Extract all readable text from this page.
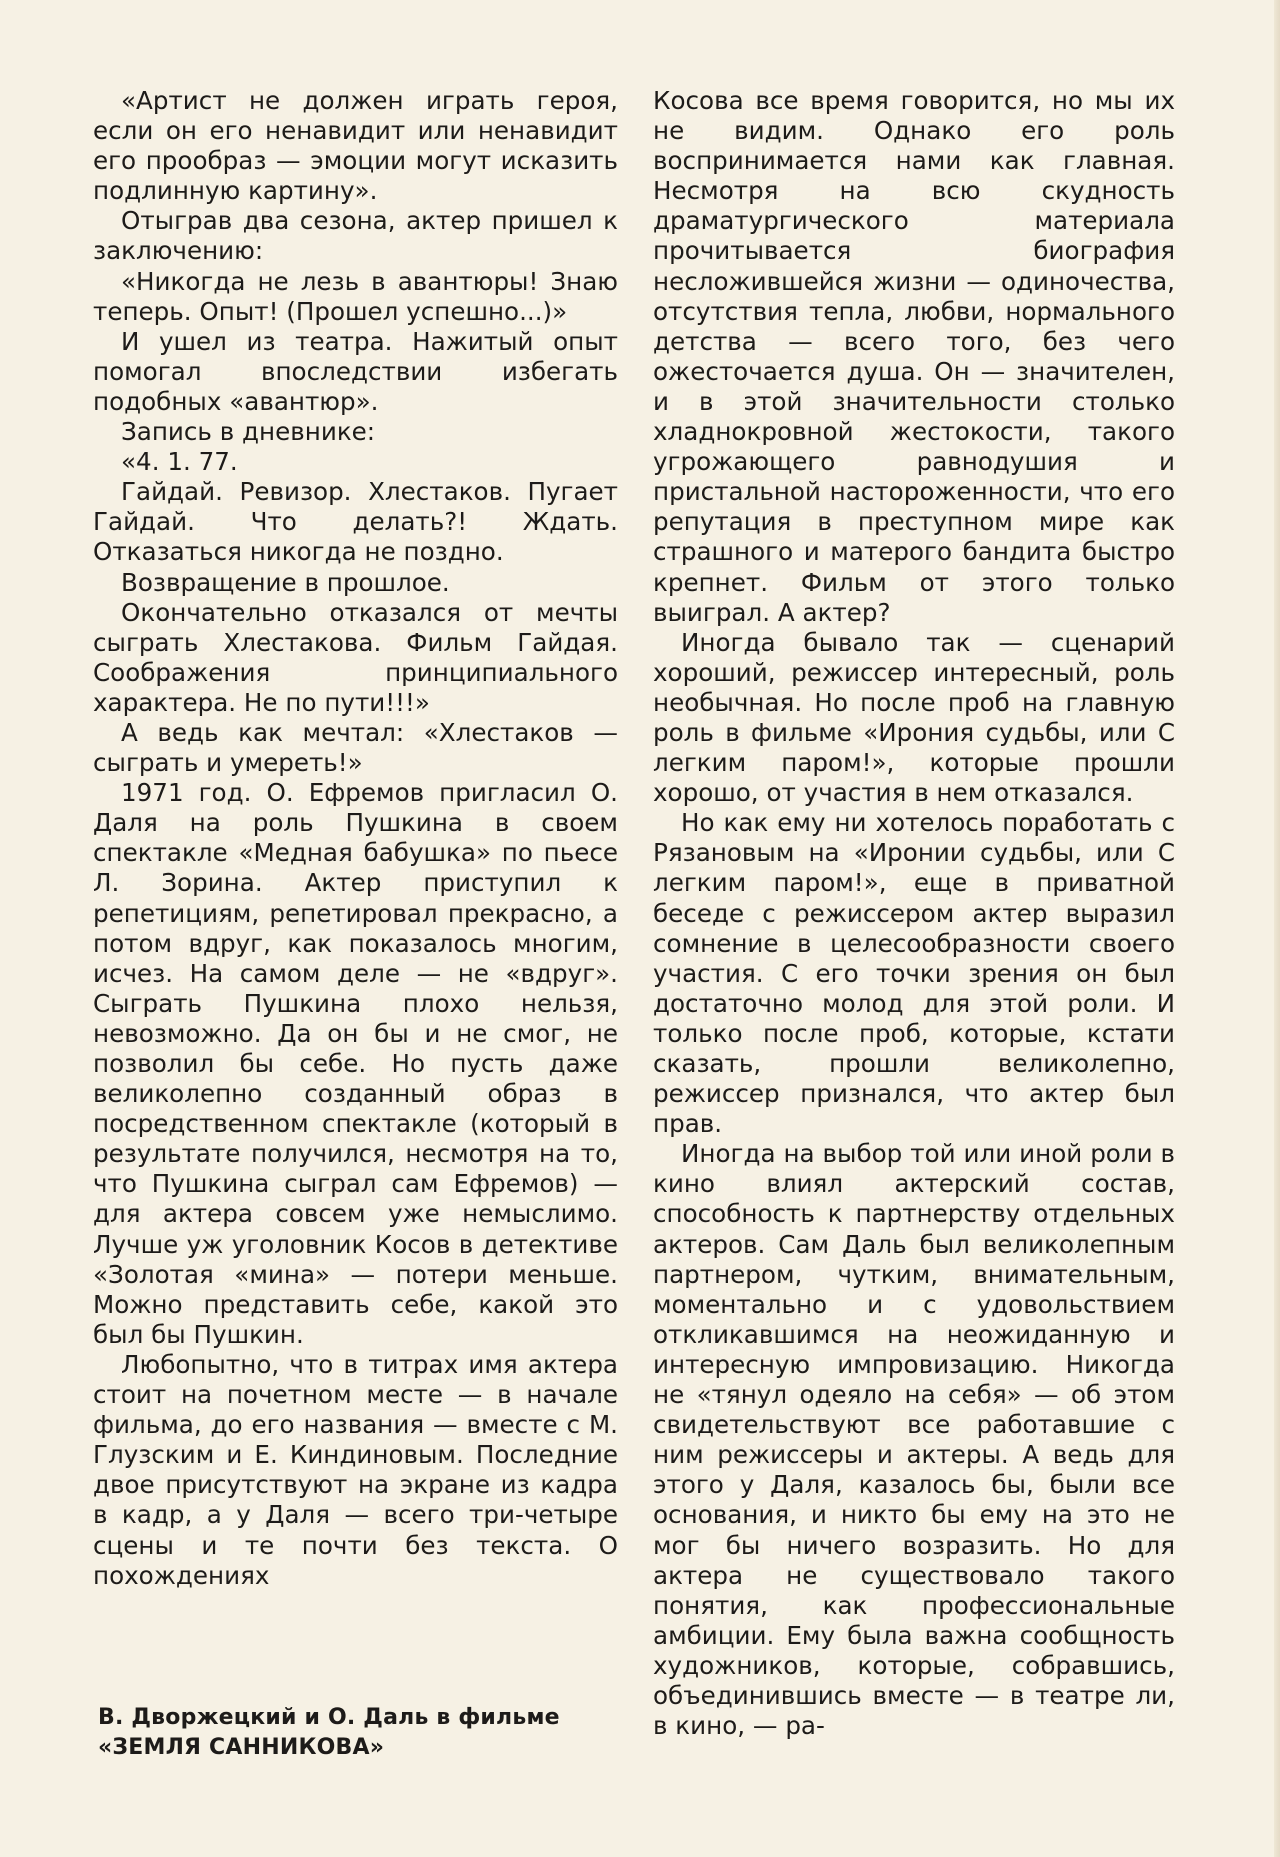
«Артист не должен играть героя, если он его ненавидит или ненавидит его прообраз — эмоции могут исказить подлинную картину».

Отыграв два сезона, актер пришел к заключению:

«Никогда не лезь в авантюры! Знаю теперь. Опыт! (Прошел успешно...)»

И ушел из театра. Нажитый опыт помогал впоследствии избегать подобных «авантюр».

Запись в дневнике:

«4. 1. 77.

Гайдай. Ревизор. Хлестаков. Пугает Гайдай. Что делать?! Ждать. Отказаться никогда не поздно.

Возвращение в прошлое.

Окончательно отказался от мечты сыграть Хлестакова. Фильм Гайдая. Соображения принципиального характера. Не по пути!!!»

А ведь как мечтал: «Хлестаков — сыграть и умереть!»

1971 год. О. Ефремов пригласил О. Даля на роль Пушкина в своем спектакле «Медная бабушка» по пьесе Л. Зорина. Актер приступил к репетициям, репетировал прекрасно, а потом вдруг, как показалось многим, исчез. На самом деле — не «вдруг». Сыграть Пушкина плохо нельзя, невозможно. Да он бы и не смог, не позволил бы себе. Но пусть даже великолепно созданный образ в посредственном спектакле (который в результате получился, несмотря на то, что Пушкина сыграл сам Ефремов) — для актера совсем уже немыслимо. Лучше уж уголовник Косов в детективе «Золотая «мина» — потери меньше. Можно представить себе, какой это был бы Пушкин.

Любопытно, что в титрах имя актера стоит на почетном месте — в начале фильма, до его названия — вместе с М. Глузским и Е. Киндиновым. Последние двое присутствуют на экране из кадра в кадр, а у Даля — всего три-четыре сцены и те почти без текста. О похождениях

Косова все время говорится, но мы их не видим. Однако его роль воспринимается нами как главная. Несмотря на всю скудность драматургического материала прочитывается биография несложившейся жизни — одиночества, отсутствия тепла, любви, нормального детства — всего того, без чего ожесточается душа. Он — значителен, и в этой значительности столько хладнокровной жестокости, такого угрожающего равнодушия и пристальной настороженности, что его репутация в преступном мире как страшного и матерого бандита быстро крепнет. Фильм от этого только выиграл. А актер?

Иногда бывало так — сценарий хороший, режиссер интересный, роль необычная. Но после проб на главную роль в фильме «Ирония судьбы, или С легким паром!», которые прошли хорошо, от участия в нем отказался.

Но как ему ни хотелось поработать с Рязановым на «Иронии судьбы, или С легким паром!», еще в приватной беседе с режиссером актер выразил сомнение в целесообразности своего участия. С его точки зрения он был достаточно молод для этой роли. И только после проб, которые, кстати сказать, прошли великолепно, режиссер признался, что актер был прав.

Иногда на выбор той или иной роли в кино влиял актерский состав, способность к партнерству отдельных актеров. Сам Даль был великолепным партнером, чутким, внимательным, моментально и с удовольствием откликавшимся на неожиданную и интересную импровизацию. Никогда не «тянул одеяло на себя» — об этом свидетельствуют все работавшие с ним режиссеры и актеры. А ведь для этого у Даля, казалось бы, были все основания, и никто бы ему на это не мог бы ничего возразить. Но для актера не существовало такого понятия, как профессиональные амбиции. Ему была важна сообщность художников, которые, собравшись, объединившись вместе — в театре ли, в кино, — ра-

В. Дворжецкий и О. Даль в фильме
«ЗЕМЛЯ САННИКОВА»
